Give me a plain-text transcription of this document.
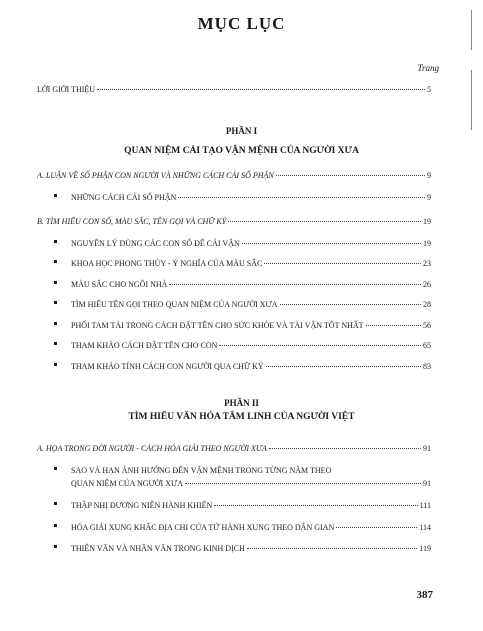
MỤC LỤC
Trang
LỜI GIỚI THIỆU	5
PHẦN I
QUAN NIỆM CẢI TẠO VẬN MỆNH CỦA NGƯỜI XƯA
A. LUẬN VỀ SỐ PHẬN CON NGƯỜI VÀ NHỮNG CÁCH CẢI SỐ PHẬN	9
NHỮNG CÁCH CẢI SỐ PHẬN	9
B. TÌM HIỂU CON SỐ, MÀU SẮC, TÊN GỌI VÀ CHỮ KÝ	19
NGUYÊN LÝ DÙNG CÁC CON SỐ ĐỂ CẢI VẬN	19
KHOA HỌC PHONG THỦY - Ý NGHĨA CỦA MÀU SẮC	23
MÀU SẮC CHO NGÔI NHÀ	26
TÌM HIỂU TÊN GỌI THEO QUAN NIỆM CỦA NGƯỜI XƯA	28
PHỐI TAM TÀI TRONG CÁCH ĐẶT TÊN CHO SỨC KHỎE VÀ TÀI VẬN TỐT NHẤT	56
THAM KHẢO CÁCH ĐẶT TÊN CHO CON	65
THAM KHẢO TÍNH CÁCH CON NGƯỜI QUA CHỮ KÝ	83
PHẦN II
TÌM HIỂU VĂN HÓA TÂM LINH CỦA NGƯỜI VIỆT
A. HỌA TRONG ĐỜI NGƯỜI - CÁCH HÓA GIẢI THEO NGƯỜI XƯA	91
SAO VÀ HẠN ẢNH HƯỞNG ĐẾN VẬN MỆNH TRONG TỪNG NĂM THEO
QUAN NIỆM CỦA NGƯỜI XƯA	91
THẬP NHỊ ĐƯƠNG NIÊN HÀNH KHIỂN	111
HÓA GIẢI XUNG KHẮC ĐỊA CHI CỦA TỨ HÀNH XUNG THEO DÂN GIAN	114
THIÊN VĂN VÀ NHÂN VĂN TRONG KINH DỊCH	119
387
